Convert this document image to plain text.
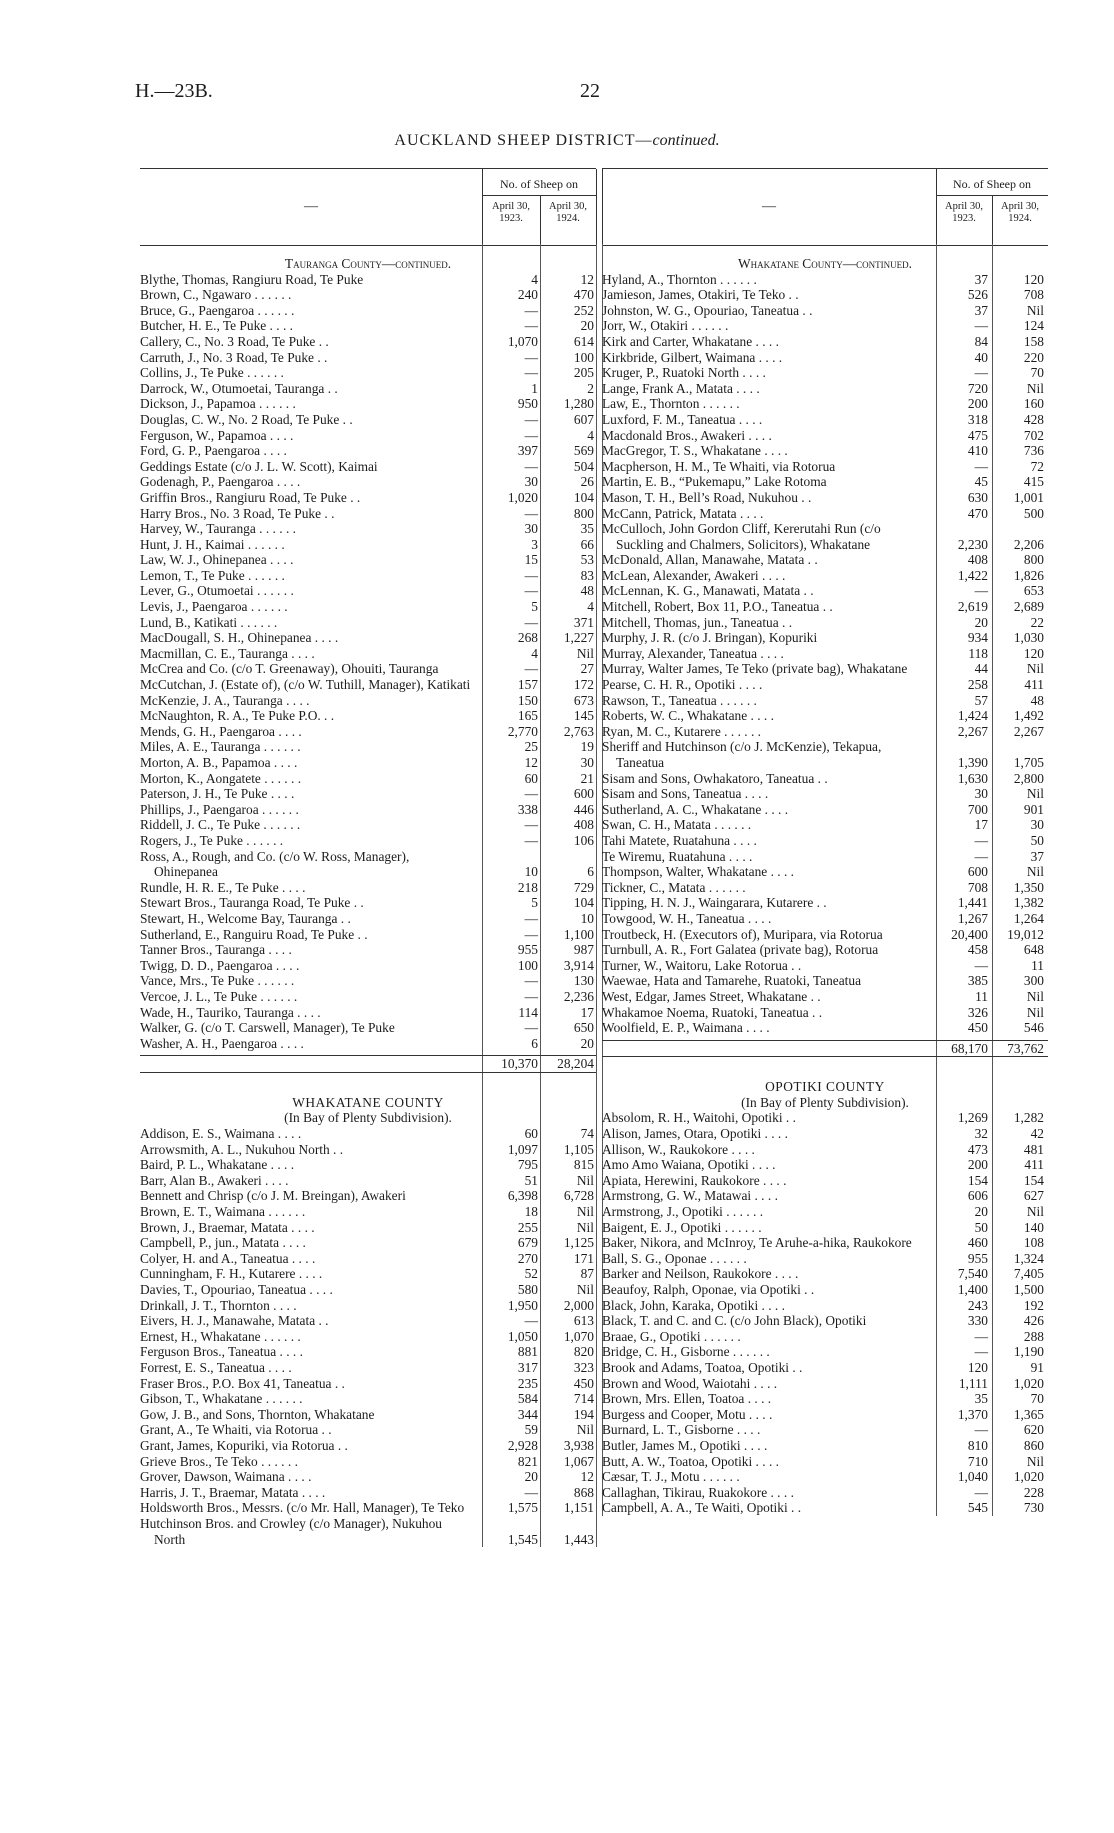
H.—23B.	22
AUCKLAND SHEEP DISTRICT—continued.
—
No. of Sheep on
April 30, 1923.
April 30, 1924.
Tauranga County—continued.
Blythe, Thomas, Rangiuru Road, Te Puke	4	12
Brown, C., Ngawaro . . . . . .	240	470
Bruce, G., Paengaroa . . . . . .	—	252
Butcher, H. E., Te Puke . . . .	—	20
Callery, C., No. 3 Road, Te Puke . .	1,070	614
Carruth, J., No. 3 Road, Te Puke . .	—	100
Collins, J., Te Puke . . . . . .	—	205
Darrock, W., Otumoetai, Tauranga . .	1	2
Dickson, J., Papamoa . . . . . .	950	1,280
Douglas, C. W., No. 2 Road, Te Puke . .	—	607
Ferguson, W., Papamoa . . . .	—	4
Ford, G. P., Paengaroa . . . .	397	569
Geddings Estate (c/o J. L. W. Scott), Kaimai	—	504
Godenagh, P., Paengaroa . . . .	30	26
Griffin Bros., Rangiuru Road, Te Puke . .	1,020	104
Harry Bros., No. 3 Road, Te Puke . .	—	800
Harvey, W., Tauranga . . . . . .	30	35
Hunt, J. H., Kaimai . . . . . .	3	66
Law, W. J., Ohinepanea . . . .	15	53
Lemon, T., Te Puke . . . . . .	—	83
Lever, G., Otumoetai . . . . . .	—	48
Levis, J., Paengaroa . . . . . .	5	4
Lund, B., Katikati . . . . . .	—	371
MacDougall, S. H., Ohinepanea . . . .	268	1,227
Macmillan, C. E., Tauranga . . . .	4	Nil
McCrea and Co. (c/o T. Greenaway), Ohouiti, Tauranga	—	27
McCutchan, J. (Estate of), (c/o W. Tuthill, Manager), Katikati	157	172
McKenzie, J. A., Tauranga . . . .	150	673
McNaughton, R. A., Te Puke P.O. . .	165	145
Mends, G. H., Paengaroa . . . .	2,770	2,763
Miles, A. E., Tauranga . . . . . .	25	19
Morton, A. B., Papamoa . . . .	12	30
Morton, K., Aongatete . . . . . .	60	21
Paterson, J. H., Te Puke . . . .	—	600
Phillips, J., Paengaroa . . . . . .	338	446
Riddell, J. C., Te Puke . . . . . .	—	408
Rogers, J., Te Puke . . . . . .	—	106
Ross, A., Rough, and Co. (c/o W. Ross, Manager), Ohinepanea	10	6
Rundle, H. R. E., Te Puke . . . .	218	729
Stewart Bros., Tauranga Road, Te Puke . .	5	104
Stewart, H., Welcome Bay, Tauranga . .	—	10
Sutherland, E., Ranguiru Road, Te Puke . .	—	1,100
Tanner Bros., Tauranga . . . .	955	987
Twigg, D. D., Paengaroa . . . .	100	3,914
Vance, Mrs., Te Puke . . . . . .	—	130
Vercoe, J. L., Te Puke . . . . . .	—	2,236
Wade, H., Tauriko, Tauranga . . . .	114	17
Walker, G. (c/o T. Carswell, Manager), Te Puke	—	650
Washer, A. H., Paengaroa . . . .	6	20
10,370	28,204
WHAKATANE COUNTY
(In Bay of Plenty Subdivision).
Addison, E. S., Waimana . . . .	60	74
Arrowsmith, A. L., Nukuhou North . .	1,097	1,105
Baird, P. L., Whakatane . . . .	795	815
Barr, Alan B., Awakeri . . . .	51	Nil
Bennett and Chrisp (c/o J. M. Breingan), Awakeri	6,398	6,728
Brown, E. T., Waimana . . . . . .	18	Nil
Brown, J., Braemar, Matata . . . .	255	Nil
Campbell, P., jun., Matata . . . .	679	1,125
Colyer, H. and A., Taneatua . . . .	270	171
Cunningham, F. H., Kutarere . . . .	52	87
Davies, T., Opouriao, Taneatua . . . .	580	Nil
Drinkall, J. T., Thornton . . . .	1,950	2,000
Eivers, H. J., Manawahe, Matata . .	—	613
Ernest, H., Whakatane . . . . . .	1,050	1,070
Ferguson Bros., Taneatua . . . .	881	820
Forrest, E. S., Taneatua . . . .	317	323
Fraser Bros., P.O. Box 41, Taneatua . .	235	450
Gibson, T., Whakatane . . . . . .	584	714
Gow, J. B., and Sons, Thornton, Whakatane	344	194
Grant, A., Te Whaiti, via Rotorua . .	59	Nil
Grant, James, Kopuriki, via Rotorua . .	2,928	3,938
Grieve Bros., Te Teko . . . . . .	821	1,067
Grover, Dawson, Waimana . . . .	20	12
Harris, J. T., Braemar, Matata . . . .	—	868
Holdsworth Bros., Messrs. (c/o Mr. Hall, Manager), Te Teko	1,575	1,151
Hutchinson Bros. and Crowley (c/o Manager), Nukuhou North	1,545	1,443
—
No. of Sheep on
April 30, 1923.
April 30, 1924.
Whakatane County—continued.
Hyland, A., Thornton . . . . . .	37	120
Jamieson, James, Otakiri, Te Teko . .	526	708
Johnston, W. G., Opouriao, Taneatua . .	37	Nil
Jorr, W., Otakiri . . . . . .	—	124
Kirk and Carter, Whakatane . . . .	84	158
Kirkbride, Gilbert, Waimana . . . .	40	220
Kruger, P., Ruatoki North . . . .	—	70
Lange, Frank A., Matata . . . .	720	Nil
Law, E., Thornton . . . . . .	200	160
Luxford, F. M., Taneatua . . . .	318	428
Macdonald Bros., Awakeri . . . .	475	702
MacGregor, T. S., Whakatane . . . .	410	736
Macpherson, H. M., Te Whaiti, via Rotorua	—	72
Martin, E. B., “Pukemapu,” Lake Rotoma	45	415
Mason, T. H., Bell’s Road, Nukuhou . .	630	1,001
McCann, Patrick, Matata . . . .	470	500
McCulloch, John Gordon Cliff, Kererutahi Run (c/o Suckling and Chalmers, Solicitors), Whakatane	2,230	2,206
McDonald, Allan, Manawahe, Matata . .	408	800
McLean, Alexander, Awakeri . . . .	1,422	1,826
McLennan, K. G., Manawati, Matata . .	—	653
Mitchell, Robert, Box 11, P.O., Taneatua . .	2,619	2,689
Mitchell, Thomas, jun., Taneatua . .	20	22
Murphy, J. R. (c/o J. Bringan), Kopuriki	934	1,030
Murray, Alexander, Taneatua . . . .	118	120
Murray, Walter James, Te Teko (private bag), Whakatane	44	Nil
Pearse, C. H. R., Opotiki . . . .	258	411
Rawson, T., Taneatua . . . . . .	57	48
Roberts, W. C., Whakatane . . . .	1,424	1,492
Ryan, M. C., Kutarere . . . . . .	2,267	2,267
Sheriff and Hutchinson (c/o J. McKenzie), Tekapua, Taneatua	1,390	1,705
Sisam and Sons, Owhakatoro, Taneatua . .	1,630	2,800
Sisam and Sons, Taneatua . . . .	30	Nil
Sutherland, A. C., Whakatane . . . .	700	901
Swan, C. H., Matata . . . . . .	17	30
Tahi Matete, Ruatahuna . . . .	—	50
Te Wiremu, Ruatahuna . . . .	—	37
Thompson, Walter, Whakatane . . . .	600	Nil
Tickner, C., Matata . . . . . .	708	1,350
Tipping, H. N. J., Waingarara, Kutarere . .	1,441	1,382
Towgood, W. H., Taneatua . . . .	1,267	1,264
Troutbeck, H. (Executors of), Muripara, via Rotorua	20,400	19,012
Turnbull, A. R., Fort Galatea (private bag), Rotorua	458	648
Turner, W., Waitoru, Lake Rotorua . .	—	11
Waewae, Hata and Tamarehe, Ruatoki, Taneatua	385	300
West, Edgar, James Street, Whakatane . .	11	Nil
Whakamoe Noema, Ruatoki, Taneatua . .	326	Nil
Woolfield, E. P., Waimana . . . .	450	546
68,170	73,762
OPOTIKI COUNTY
(In Bay of Plenty Subdivision).
Absolom, R. H., Waitohi, Opotiki . .	1,269	1,282
Alison, James, Otara, Opotiki . . . .	32	42
Allison, W., Raukokore . . . .	473	481
Amo Amo Waiana, Opotiki . . . .	200	411
Apiata, Herewini, Raukokore . . . .	154	154
Armstrong, G. W., Matawai . . . .	606	627
Armstrong, J., Opotiki . . . . . .	20	Nil
Baigent, E. J., Opotiki . . . . . .	50	140
Baker, Nikora, and McInroy, Te Aruhe-a-hika, Raukokore	460	108
Ball, S. G., Oponae . . . . . .	955	1,324
Barker and Neilson, Raukokore . . . .	7,540	7,405
Beaufoy, Ralph, Oponae, via Opotiki . .	1,400	1,500
Black, John, Karaka, Opotiki . . . .	243	192
Black, T. and C. and C. (c/o John Black), Opotiki	330	426
Braae, G., Opotiki . . . . . .	—	288
Bridge, C. H., Gisborne . . . . . .	—	1,190
Brook and Adams, Toatoa, Opotiki . .	120	91
Brown and Wood, Waiotahi . . . .	1,111	1,020
Brown, Mrs. Ellen, Toatoa . . . .	35	70
Burgess and Cooper, Motu . . . .	1,370	1,365
Burnard, L. T., Gisborne . . . .	—	620
Butler, James M., Opotiki . . . .	810	860
Butt, A. W., Toatoa, Opotiki . . . .	710	Nil
Cæsar, T. J., Motu . . . . . .	1,040	1,020
Callaghan, Tikirau, Ruakokore . . . .	—	228
Campbell, A. A., Te Waiti, Opotiki . .	545	730
